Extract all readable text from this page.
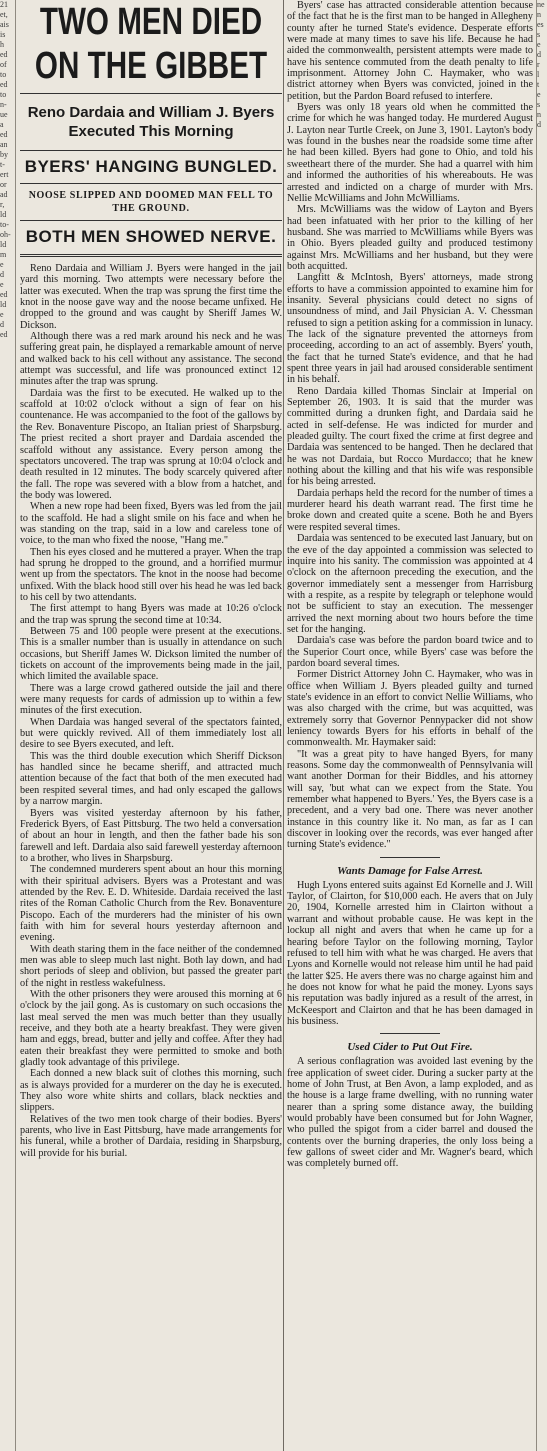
21
et,
ais
is
h
ed
of
to
ed
to
n-
ue
a
ed
an
by
t-
ert
or
ad
r,
ld
to-
oh-
ld
m
e
d
e
ed
ld
e
d
ed
ne
n
es
s
e
d
r
l
t
e
s
n
d
TWO MEN DIED
ON THE GIBBET
Reno Dardaia and William J. Byers Executed This Morning
BYERS' HANGING BUNGLED.
NOOSE SLIPPED AND DOOMED MAN FELL TO THE GROUND.
BOTH MEN SHOWED NERVE.

Reno Dardaia and William J. Byers were hanged in the jail yard this morning. Two attempts were necessary before the latter was executed. When the trap was sprung the first time the knot in the noose gave way and the noose became unfixed. He dropped to the ground and was caught by Sheriff James W. Dickson.

Although there was a red mark around his neck and he was suffering great pain, he displayed a remarkable amount of nerve and walked back to his cell without any assistance. The second attempt was successful, and life was pronounced extinct 12 minutes after the trap was sprung.

Dardaia was the first to be executed. He walked up to the scaffold at 10:02 o'clock without a sign of fear on his countenance. He was accompanied to the foot of the gallows by the Rev. Bonaventure Piscopo, an Italian priest of Sharpsburg. The priest recited a short prayer and Dardaia ascended the scaffold without any assistance. Every person among the spectators uncovered. The trap was sprung at 10:04 o'clock and death resulted in 12 minutes. The body scarcely quivered after the fall. The rope was severed with a blow from a hatchet, and the body was lowered.

When a new rope had been fixed, Byers was led from the jail to the scaffold. He had a slight smile on his face and when he was standing on the trap, said in a low and careless tone of voice, to the man who fixed the noose, "Hang me."

Then his eyes closed and he muttered a prayer. When the trap had sprung he dropped to the ground, and a horrified murmur went up from the spectators. The knot in the noose had become unfixed. With the black hood still over his head he was led back to his cell by two attendants.

The first attempt to hang Byers was made at 10:26 o'clock and the trap was sprung the second time at 10:34.

Between 75 and 100 people were present at the executions. This is a smaller number than is usually in attendance on such occasions, but Sheriff James W. Dickson limited the number of tickets on account of the improvements being made in the jail, which limited the available space.

There was a large crowd gathered outside the jail and there were many requests for cards of admission up to within a few minutes of the first execution.

When Dardaia was hanged several of the spectators fainted, but were quickly revived. All of them immediately lost all desire to see Byers executed, and left.

This was the third double execution which Sheriff Dickson has handled since he became sheriff, and attracted much attention because of the fact that both of the men executed had been respited several times, and had only escaped the gallows by a narrow margin.

Byers was visited yesterday afternoon by his father, Frederick Byers, of East Pittsburg. The two held a conversation of about an hour in length, and then the father bade his son farewell and left. Dardaia also said farewell yesterday afternoon to a brother, who lives in Sharpsburg.

The condemned murderers spent about an hour this morning with their spiritual advisers. Byers was a Protestant and was attended by the Rev. E. D. Whiteside. Dardaia received the last rites of the Roman Catholic Church from the Rev. Bonaventure Piscopo. Each of the murderers had the minister of his own faith with him for several hours yesterday afternoon and evening.

With death staring them in the face neither of the condemned men was able to sleep much last night. Both lay down, and had short periods of sleep and oblivion, but passed the greater part of the night in restless wakefulness.

With the other prisoners they were aroused this morning at 6 o'clock by the jail gong. As is customary on such occasions the last meal served the men was much better than they usually receive, and they both ate a hearty breakfast. They were given ham and eggs, bread, butter and jelly and coffee. After they had eaten their breakfast they were permitted to smoke and both gladly took advantage of this privilege.

Each donned a new black suit of clothes this morning, such as is always provided for a murderer on the day he is executed. They also wore white shirts and collars, black neckties and slippers.

Relatives of the two men took charge of their bodies. Byers' parents, who live in East Pittsburg, have made arrangements for his funeral, while a brother of Dardaia, residing in Sharpsburg, will provide for his burial.

Byers' case has attracted considerable attention because of the fact that he is the first man to be hanged in Allegheny county after he turned State's evidence. Desperate efforts were made at many times to save his life. Because he had aided the commonwealth, persistent attempts were made to have his sentence commuted from the death penalty to life imprisonment. Attorney John C. Haymaker, who was district attorney when Byers was convicted, joined in the petition, but the Pardon Board refused to interfere.

Byers was only 18 years old when he committed the crime for which he was hanged today. He murdered August J. Layton near Turtle Creek, on June 3, 1901. Layton's body was found in the bushes near the roadside some time after he had been killed. Byers had gone to Ohio, and told his sweetheart there of the murder. She had a quarrel with him and informed the authorities of his whereabouts. He was arrested and indicted on a charge of murder with Mrs. Nellie McWilliams and John McWilliams.

Mrs. McWilliams was the widow of Layton and Byers had been infatuated with her prior to the killing of her husband. She was married to McWilliams while Byers was in Ohio. Byers pleaded guilty and produced testimony against Mrs. McWilliams and her husband, but they were both acquitted.

Langfitt & McIntosh, Byers' attorneys, made strong efforts to have a commission appointed to examine him for insanity. Several physicians could detect no signs of unsoundness of mind, and Jail Physician A. V. Chessman refused to sign a petition asking for a commission in lunacy. The lack of the signature prevented the attorneys from proceeding, according to an act of assembly. Byers' youth, the fact that he turned State's evidence, and that he had spent three years in jail had aroused considerable sentiment in his behalf.

Reno Dardaia killed Thomas Sinclair at Imperial on September 26, 1903. It is said that the murder was committed during a drunken fight, and Dardaia said he acted in self-defense. He was indicted for murder and pleaded guilty. The court fixed the crime at first degree and Dardaia was sentenced to be hanged. Then he declared that he was not Dardaia, but Rocco Murdacco; that he knew nothing about the killing and that his wife was responsible for his being arrested.

Dardaia perhaps held the record for the number of times a murderer heard his death warrant read. The first time he broke down and created quite a scene. Both he and Byers were respited several times.

Dardaia was sentenced to be executed last January, but on the eve of the day appointed a commission was selected to inquire into his sanity. The commission was appointed at 4 o'clock on the afternoon preceding the execution, and the governor immediately sent a messenger from Harrisburg with a respite, as a respite by telegraph or telephone would not be sufficient to stay an execution. The messenger arrived the next morning about two hours before the time set for the hanging.

Dardaia's case was before the pardon board twice and to the Superior Court once, while Byers' case was before the pardon board several times.

Former District Attorney John C. Haymaker, who was in office when William J. Byers pleaded guilty and turned state's evidence in an effort to convict Nellie Williams, who was also charged with the crime, but was acquitted, was extremely sorry that Governor Pennypacker did not show leniency towards Byers for his efforts in behalf of the commonwealth. Mr. Haymaker said:

"It was a great pity to have hanged Byers, for many reasons. Some day the commonwealth of Pennsylvania will want another Dorman for their Biddles, and his attorney will say, 'but what can we expect from the State. You remember what happened to Byers.' Yes, the Byers case is a precedent, and a very bad one. There was never another instance in this country like it. No man, as far as I can discover in looking over the records, was ever hanged after turning State's evidence."

Wants Damage for False Arrest.

Hugh Lyons entered suits against Ed Kornelle and J. Will Taylor, of Clairton, for $10,000 each. He avers that on July 20, 1904, Kornelle arrested him in Clairton without a warrant and without probable cause. He was kept in the lockup all night and avers that when he came up for a hearing before Taylor on the following morning, Taylor refused to tell him with what he was charged. He avers that Lyons and Kornelle would not release him until he had paid the latter $25. He avers there was no charge against him and he does not know for what he paid the money. Lyons says his reputation was badly injured as a result of the arrest, in McKeesport and Clairton and that he has been damaged in his business.

Used Cider to Put Out Fire.

A serious conflagration was avoided last evening by the free application of sweet cider. During a sucker party at the home of John Trust, at Ben Avon, a lamp exploded, and as the house is a large frame dwelling, with no running water nearer than a spring some distance away, the building would probably have been consumed but for John Wagner, who pulled the spigot from a cider barrel and doused the contents over the burning draperies, the only loss being a few gallons of sweet cider and Mr. Wagner's beard, which was completely burned off.
